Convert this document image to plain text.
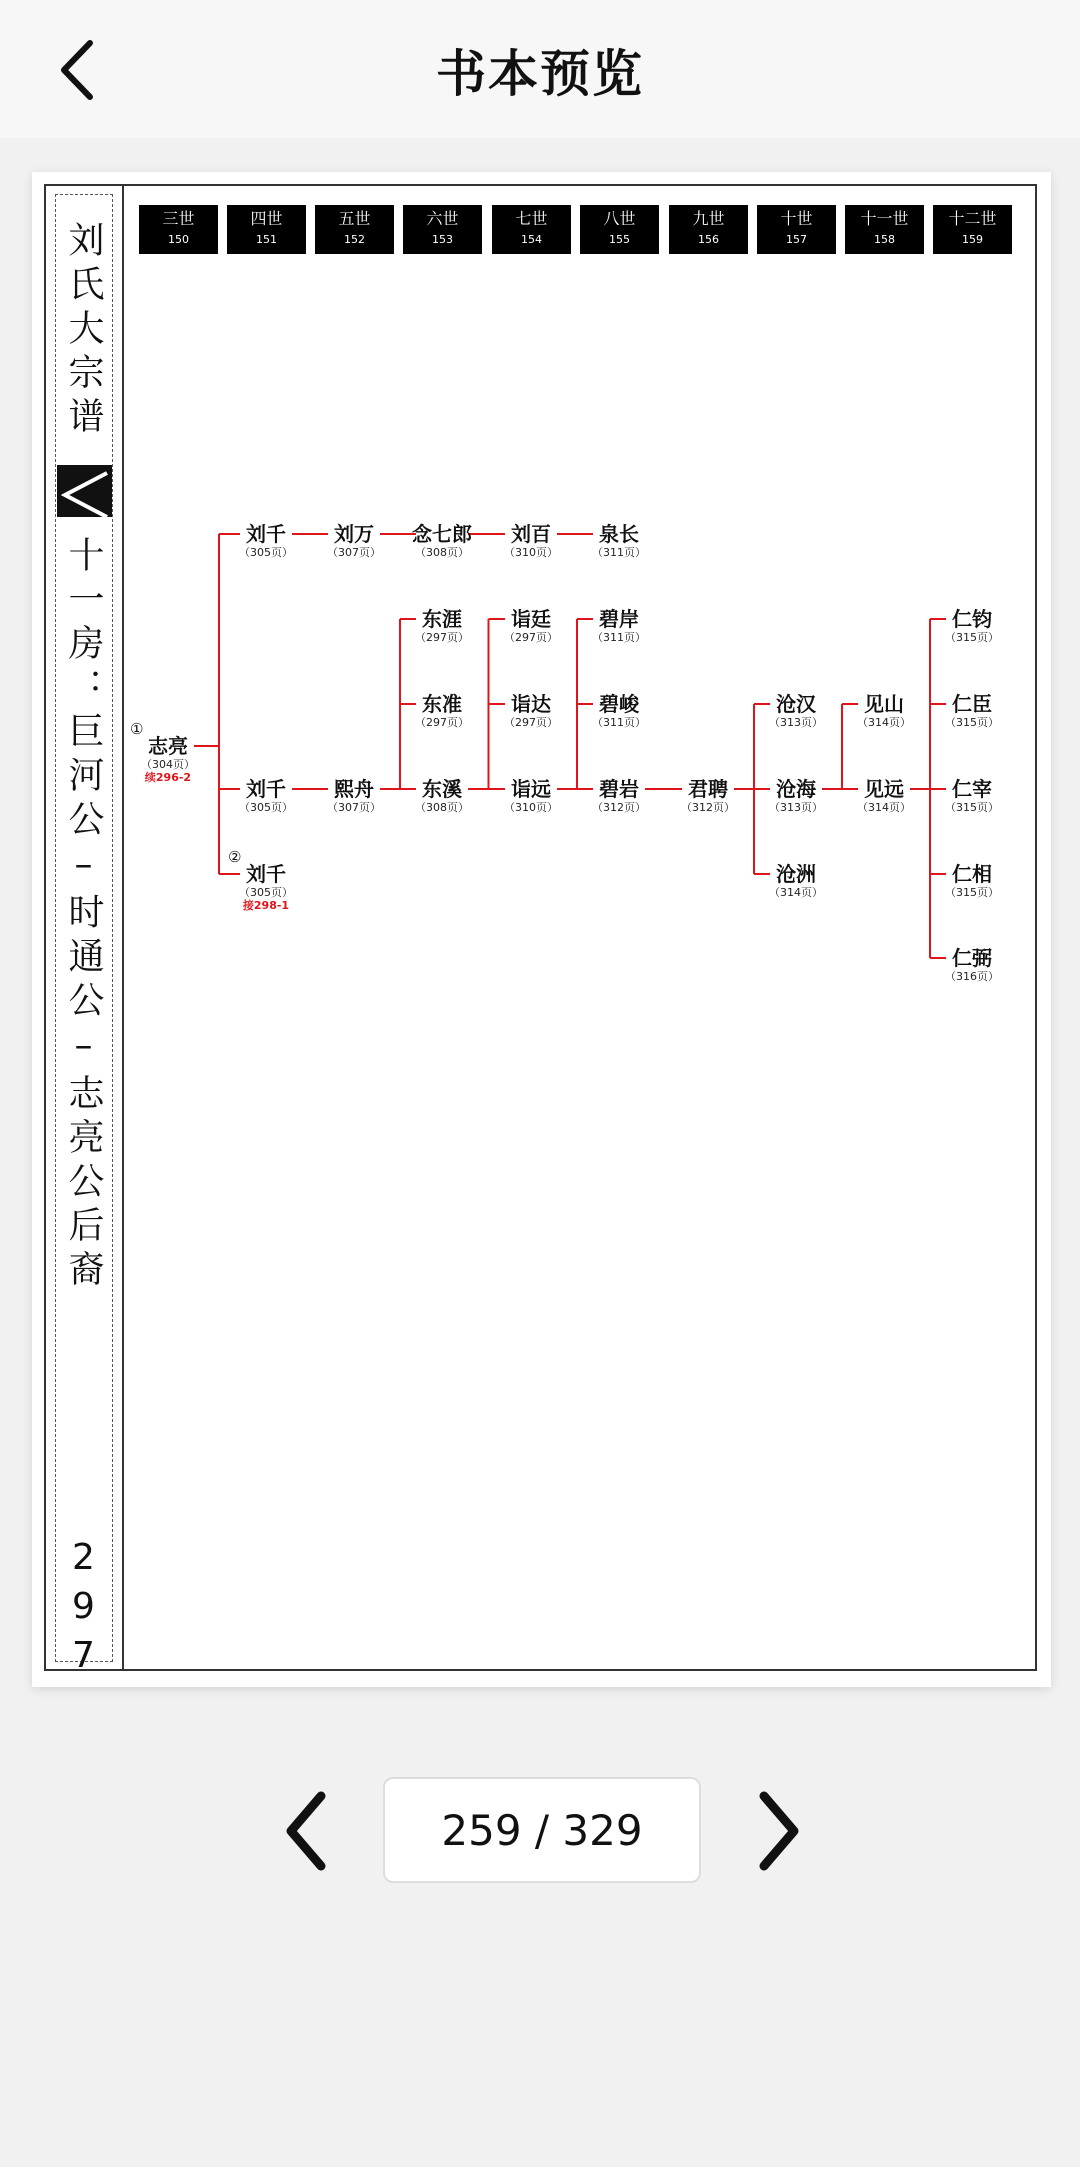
书本预览
刘氏大宗谱
十一房：巨河公–时通公–志亮公后裔
297
三世
150
四世
151
五世
152
六世
153
七世
154
八世
155
九世
156
十世
157
十一世
158
十二世
159
①
志亮
（304页）
续296-2
刘千
（305页）
刘万
（307页）
念七郎
（308页）
刘百
（310页）
泉长
（311页）
刘千
（305页）
熙舟
（307页）
东涯
（297页）
东准
（297页）
东溪
（308页）
诣廷
（297页）
诣达
（297页）
诣远
（310页）
碧岸
（311页）
碧峻
（311页）
碧岩
（312页）
君聘
（312页）
沧汉
（313页）
沧海
（313页）
沧洲
（314页）
见山
（314页）
见远
（314页）
仁钧
（315页）
仁臣
（315页）
仁宰
（315页）
仁相
（315页）
仁弼
（316页）
②
刘千
（305页）
接298-1
259 / 329
